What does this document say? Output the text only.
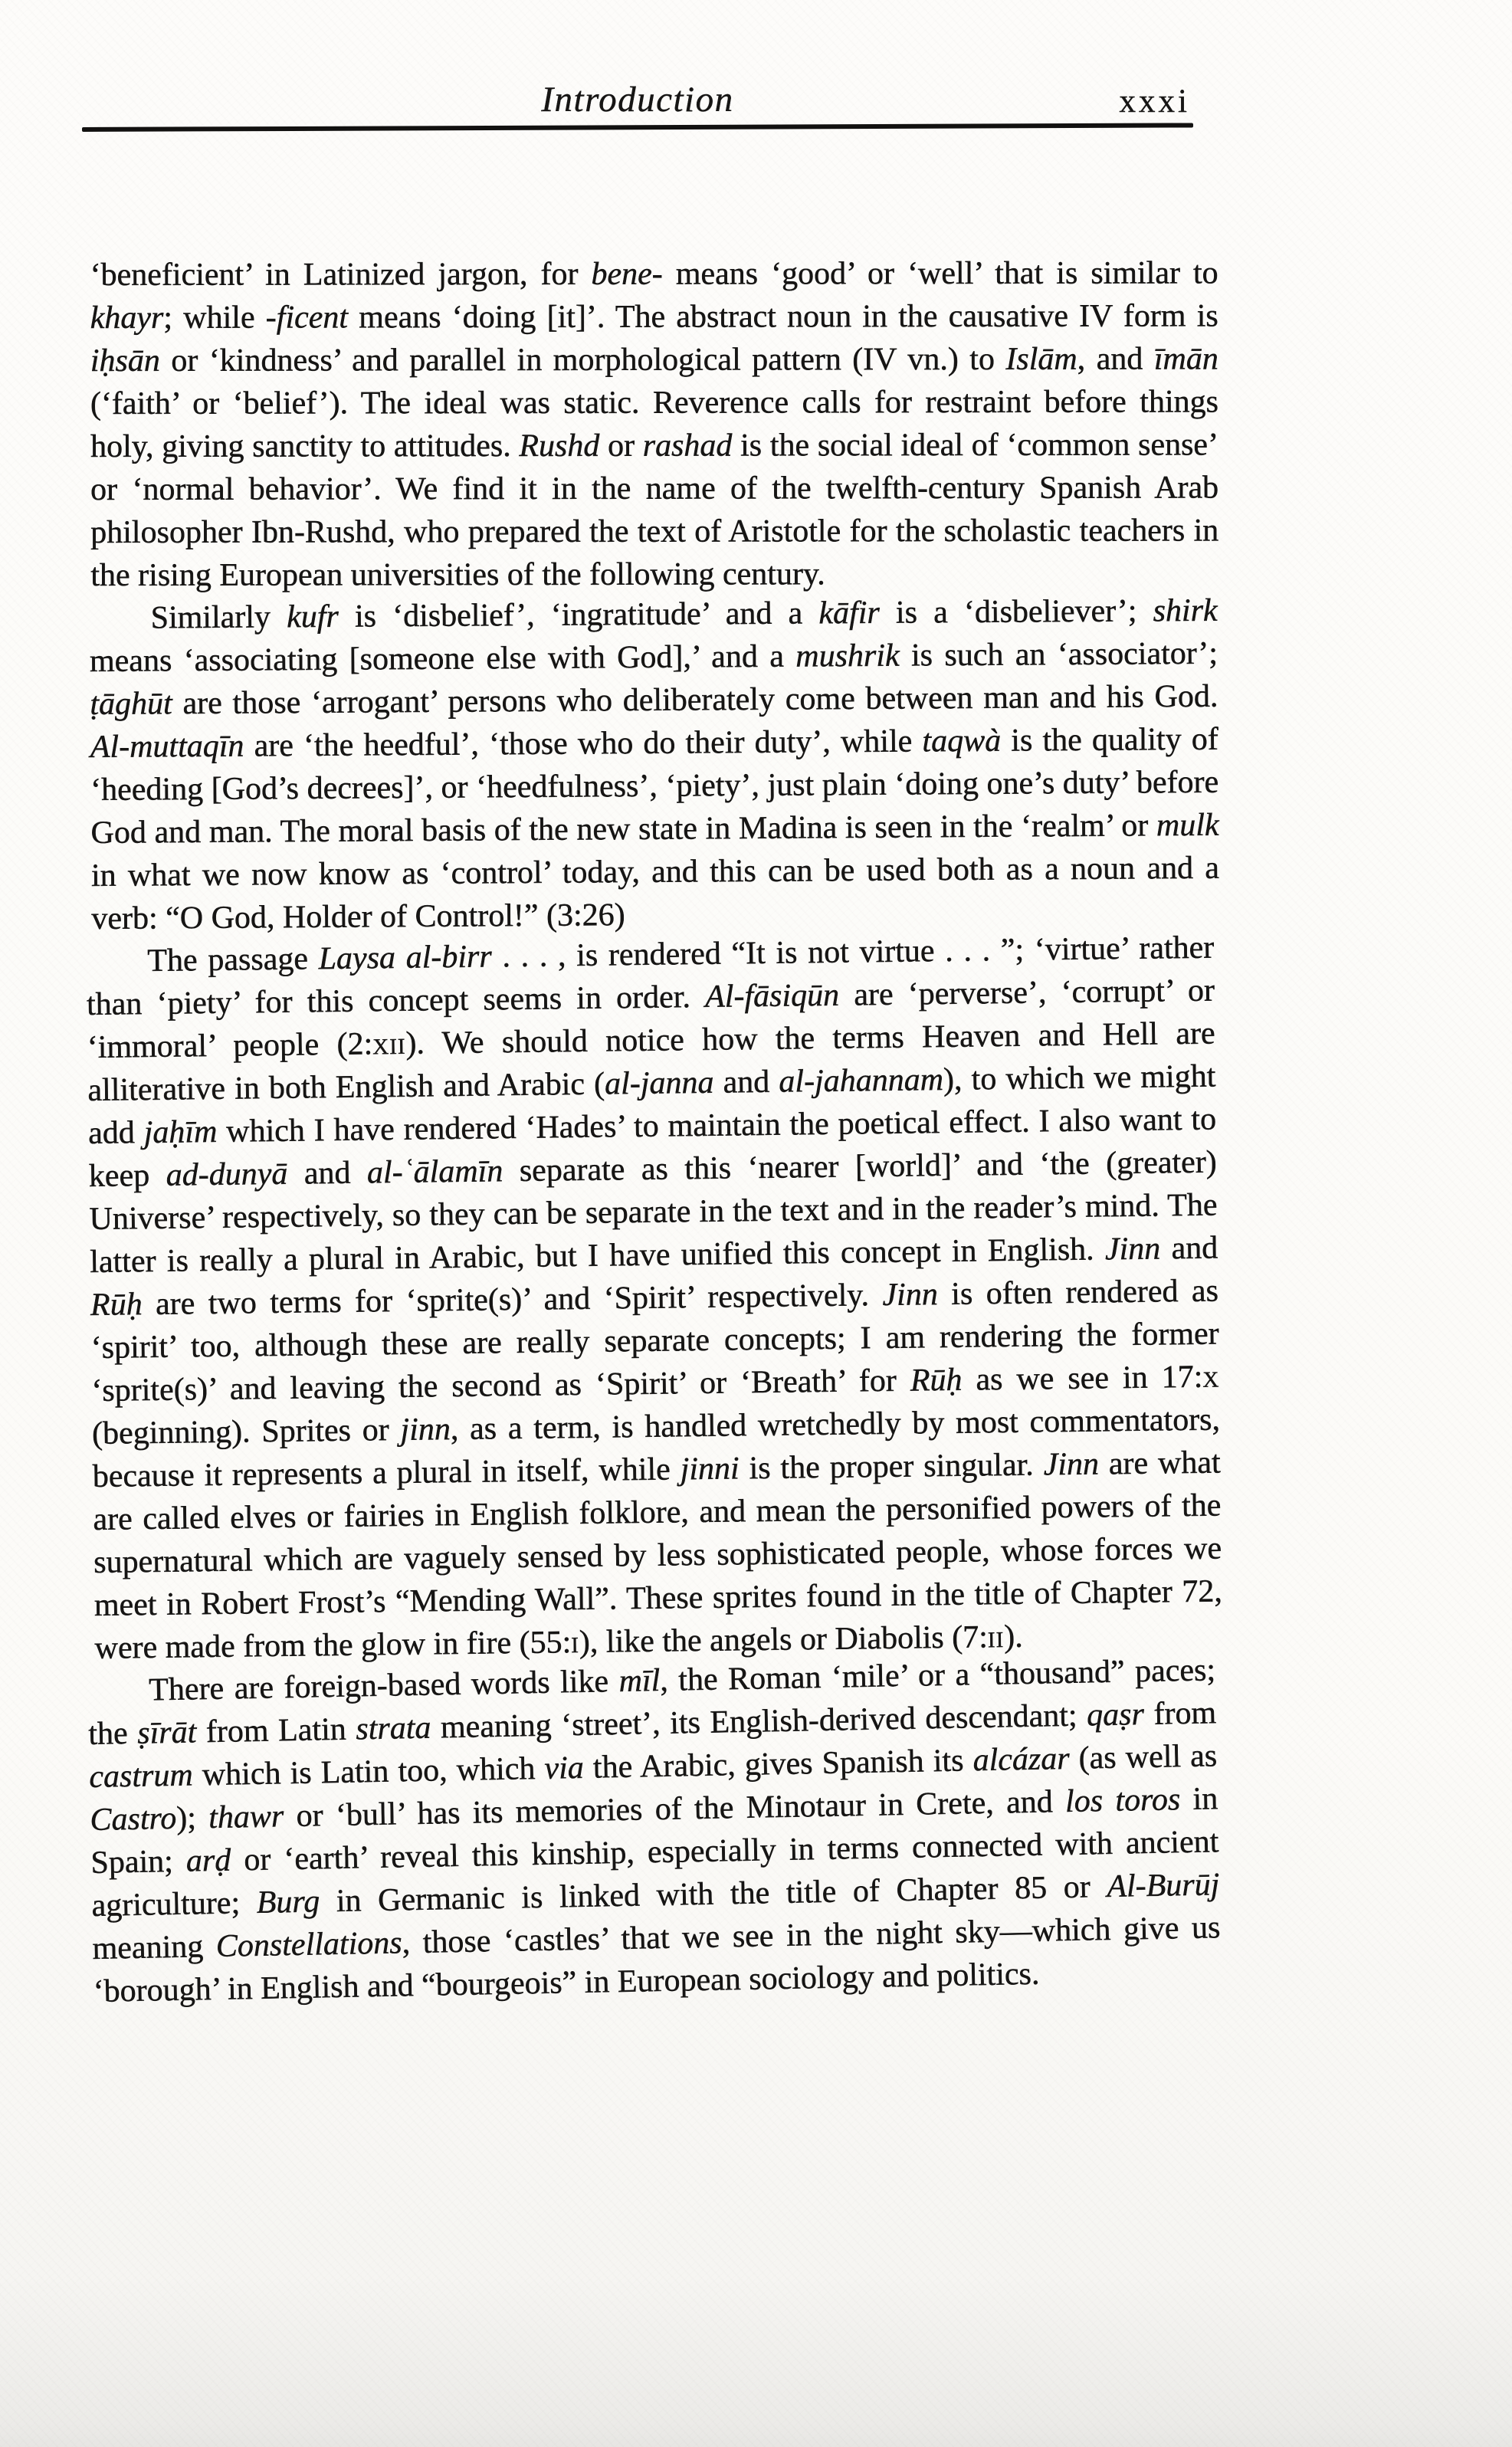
Introduction	xxxi

‘beneficient’ in Latinized jargon, for bene- means ‘good’ or ‘well’ that is similar to khayr; while -ficent means ‘doing [it]’. The abstract noun in the causative IV form is iḥsān or ‘kindness’ and parallel in morphological pattern (IV vn.) to Islām, and īmān (‘faith’ or ‘belief’). The ideal was static. Reverence calls for restraint before things holy, giving sanctity to attitudes. Rushd or rashad is the social ideal of ‘common sense’ or ‘normal behavior’. We find it in the name of the twelfth-century Spanish Arab philosopher Ibn-Rushd, who prepared the text of Aristotle for the scholastic teachers in the rising European universities of the following century.

Similarly kufr is ‘disbelief’, ‘ingratitude’ and a kāfir is a ‘disbeliever’; shirk means ‘associating [someone else with God],’ and a mushrik is such an ‘associator’; ṭāghūt are those ‘arrogant’ persons who deliberately come between man and his God. Al-muttaqīn are ‘the heedful’, ‘those who do their duty’, while taqwà is the quality of ‘heeding [God’s decrees]’, or ‘heedfulness’, ‘piety’, just plain ‘doing one’s duty’ before God and man. The moral basis of the new state in Madina is seen in the ‘realm’ or mulk in what we now know as ‘control’ today, and this can be used both as a noun and a verb: “O God, Holder of Control!” (3:26)

The passage Laysa al-birr . . . , is rendered “It is not virtue . . . ”; ‘virtue’ rather than ‘piety’ for this concept seems in order. Al-fāsiqūn are ‘perverse’, ‘corrupt’ or ‘immoral’ people (2:xii). We should notice how the terms Heaven and Hell are alliterative in both English and Arabic (al-janna and al-jahannam), to which we might add jaḥīm which I have rendered ‘Hades’ to maintain the poetical effect. I also want to keep ad-dunyā and al-ʿālamīn separate as this ‘nearer [world]’ and ‘the (greater) Universe’ respectively, so they can be separate in the text and in the reader’s mind. The latter is really a plural in Arabic, but I have unified this concept in English. Jinn and Rūḥ are two terms for ‘sprite(s)’ and ‘Spirit’ respectively. Jinn is often rendered as ‘spirit’ too, although these are really separate concepts; I am rendering the former ‘sprite(s)’ and leaving the second as ‘Spirit’ or ‘Breath’ for Rūḥ as we see in 17:x (beginning). Sprites or jinn, as a term, is handled wretchedly by most commentators, because it represents a plural in itself, while jinni is the proper singular. Jinn are what are called elves or fairies in English folklore, and mean the personified powers of the supernatural which are vaguely sensed by less sophisticated people, whose forces we meet in Robert Frost’s “Mending Wall”. These sprites found in the title of Chapter 72, were made from the glow in fire (55:i), like the angels or Diabolis (7:ii).

There are foreign-based words like mīl, the Roman ‘mile’ or a “thousand” paces; the ṣīrāt from Latin strata meaning ‘street’, its English-derived descendant; qaṣr from castrum which is Latin too, which via the Arabic, gives Spanish its alcázar (as well as Castro); thawr or ‘bull’ has its memories of the Minotaur in Crete, and los toros in Spain; arḍ or ‘earth’ reveal this kinship, especially in terms connected with ancient agriculture; Burg in Germanic is linked with the title of Chapter 85 or Al-Burūj meaning Constellations, those ‘castles’ that we see in the night sky—which give us ‘borough’ in English and “bourgeois” in European sociology and politics.
